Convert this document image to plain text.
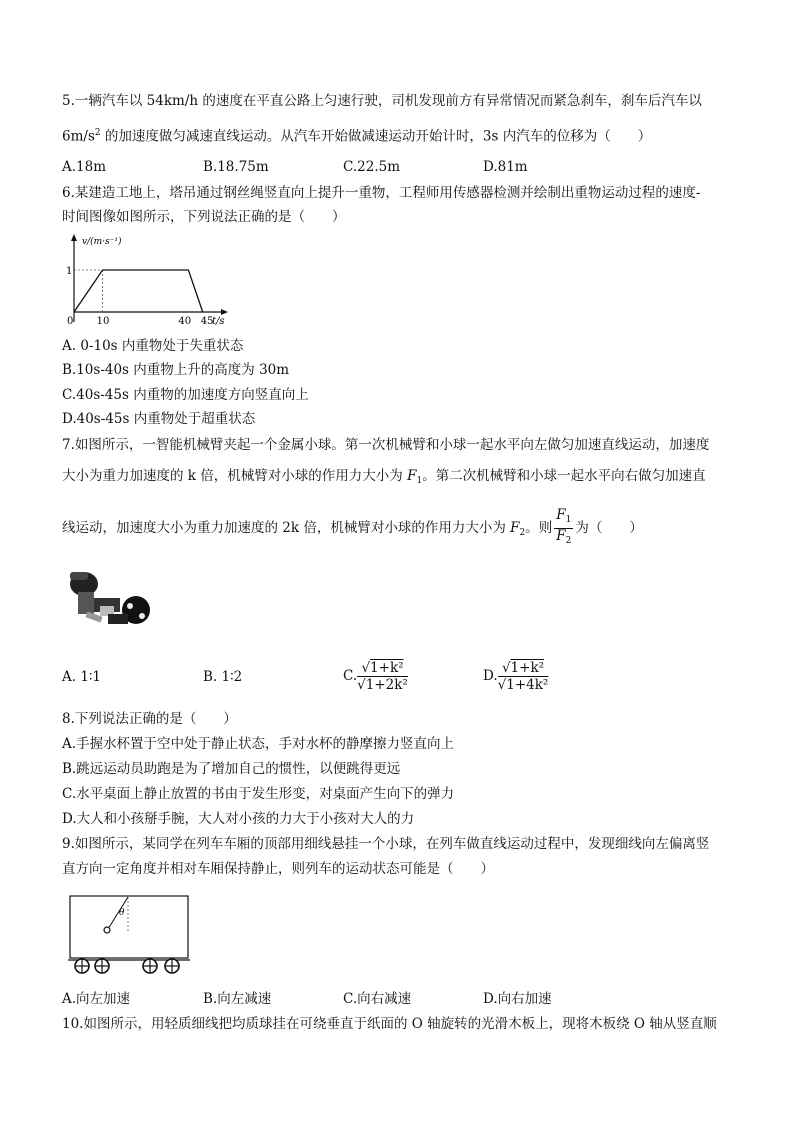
5.一辆汽车以 54km/h 的速度在平直公路上匀速行驶，司机发现前方有异常情况而紧急刹车，刹车后汽车以
$6m/s^2$ 的加速度做匀减速直线运动。从汽车开始做减速运动开始计时，3s 内汽车的位移为（　　）
A.18m	B.18.75m	C.22.5m	D.81m
6.某建造工地上，塔吊通过钢丝绳竖直向上提升一重物，工程师用传感器检测并绘制出重物运动过程的速度-
时间图像如图所示，下列说法正确的是（　　）
v/(m·s⁻¹)
1
0 10	40 45
t/s
A. 0-10s 内重物处于失重状态
B.10s-40s 内重物上升的高度为 30m
C.40s-45s 内重物的加速度方向竖直向上
D.40s-45s 内重物处于超重状态
7.如图所示，一智能机械臂夹起一个金属小球。第一次机械臂和小球一起水平向左做匀加速直线运动，加速度
大小为重力加速度的 k 倍，机械臂对小球的作用力大小为 $F_1$。第二次机械臂和小球一起水平向右做匀加速直
线运动，加速度大小为重力加速度的 2k 倍，机械臂对小球的作用力大小为 $F_2$。则 $\frac{F_1}{F_2}$ 为（　　）
A. 1∶1	B. 1∶2	C. $\frac{\text{√1+k²}}{\text{√1+2k²}}$	D. $\frac{\text{√1+k²}}{\text{√1+4k²}}$
8.下列说法正确的是（　　）
A.手握水杯置于空中处于静止状态，手对水杯的静摩擦力竖直向上
B.跳远运动员助跑是为了增加自己的惯性，以便跳得更远
C.水平桌面上静止放置的书由于发生形变，对桌面产生向下的弹力
D.大人和小孩掰手腕，大人对小孩的力大于小孩对大人的力
9.如图所示，某同学在列车车厢的顶部用细线悬挂一个小球，在列车做直线运动过程中，发现细线向左偏离竖
直方向一定角度并相对车厢保持静止，则列车的运动状态可能是（　　）
θ
A.向左加速	B.向左减速	C.向右减速	D.向右加速
10.如图所示，用轻质细线把均质球挂在可绕垂直于纸面的 O 轴旋转的光滑木板上，现将木板绕 O 轴从竖直顺
